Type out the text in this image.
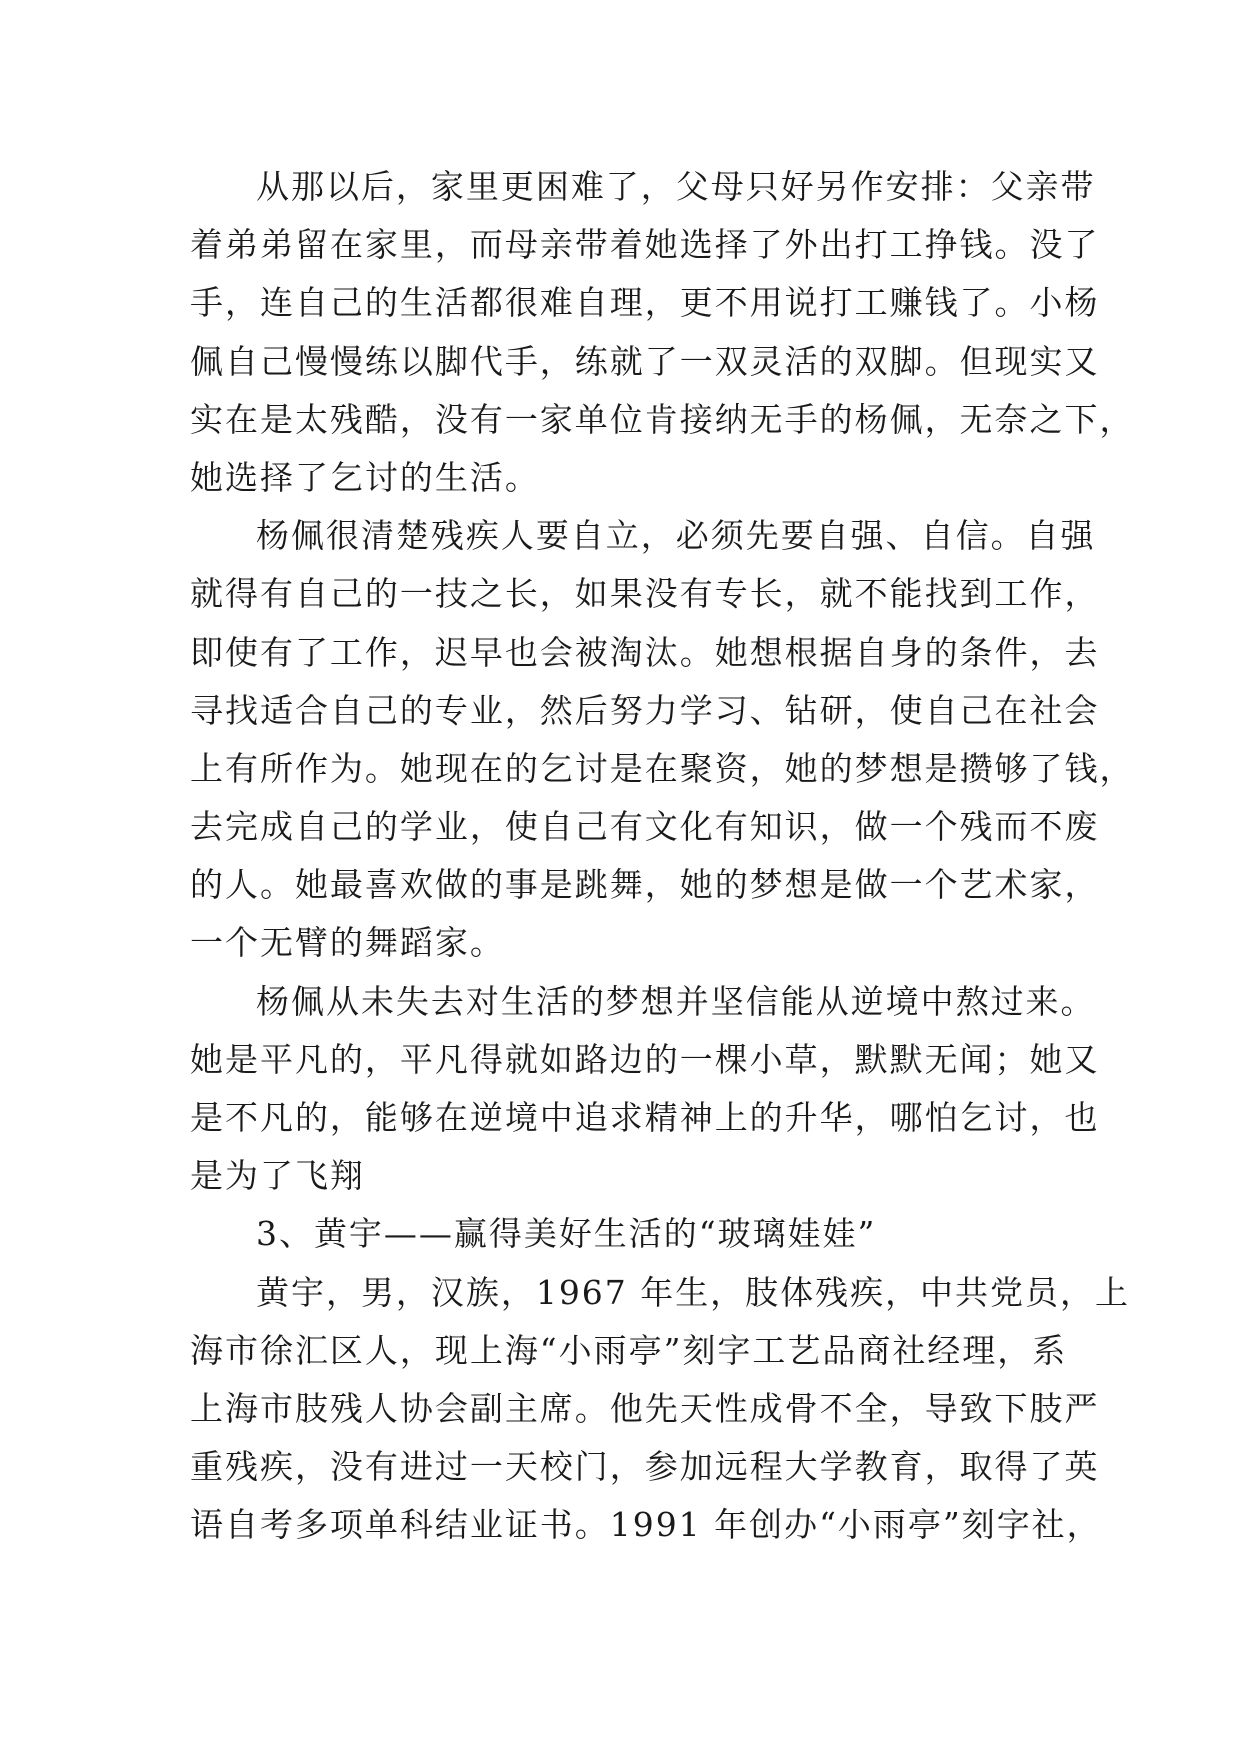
从那以后，家里更困难了，父母只好另作安排：父亲带
着弟弟留在家里，而母亲带着她选择了外出打工挣钱。没了
手，连自己的生活都很难自理，更不用说打工赚钱了。小杨
佩自己慢慢练以脚代手，练就了一双灵活的双脚。但现实又
实在是太残酷，没有一家单位肯接纳无手的杨佩，无奈之下，
她选择了乞讨的生活。
杨佩很清楚残疾人要自立，必须先要自强、自信。自强
就得有自己的一技之长，如果没有专长，就不能找到工作，
即使有了工作，迟早也会被淘汰。她想根据自身的条件，去
寻找适合自己的专业，然后努力学习、钻研，使自己在社会
上有所作为。她现在的乞讨是在聚资，她的梦想是攒够了钱，
去完成自己的学业，使自己有文化有知识，做一个残而不废
的人。她最喜欢做的事是跳舞，她的梦想是做一个艺术家，
一个无臂的舞蹈家。
杨佩从未失去对生活的梦想并坚信能从逆境中熬过来。
她是平凡的，平凡得就如路边的一棵小草，默默无闻；她又
是不凡的，能够在逆境中追求精神上的升华，哪怕乞讨，也
是为了飞翔
3、黄宇——赢得美好生活的“玻璃娃娃”
黄宇，男，汉族，1967 年生，肢体残疾，中共党员，上
海市徐汇区人，现上海“小雨亭”刻字工艺品商社经理，系
上海市肢残人协会副主席。他先天性成骨不全，导致下肢严
重残疾，没有进过一天校门，参加远程大学教育，取得了英
语自考多项单科结业证书。1991 年创办“小雨亭”刻字社，
